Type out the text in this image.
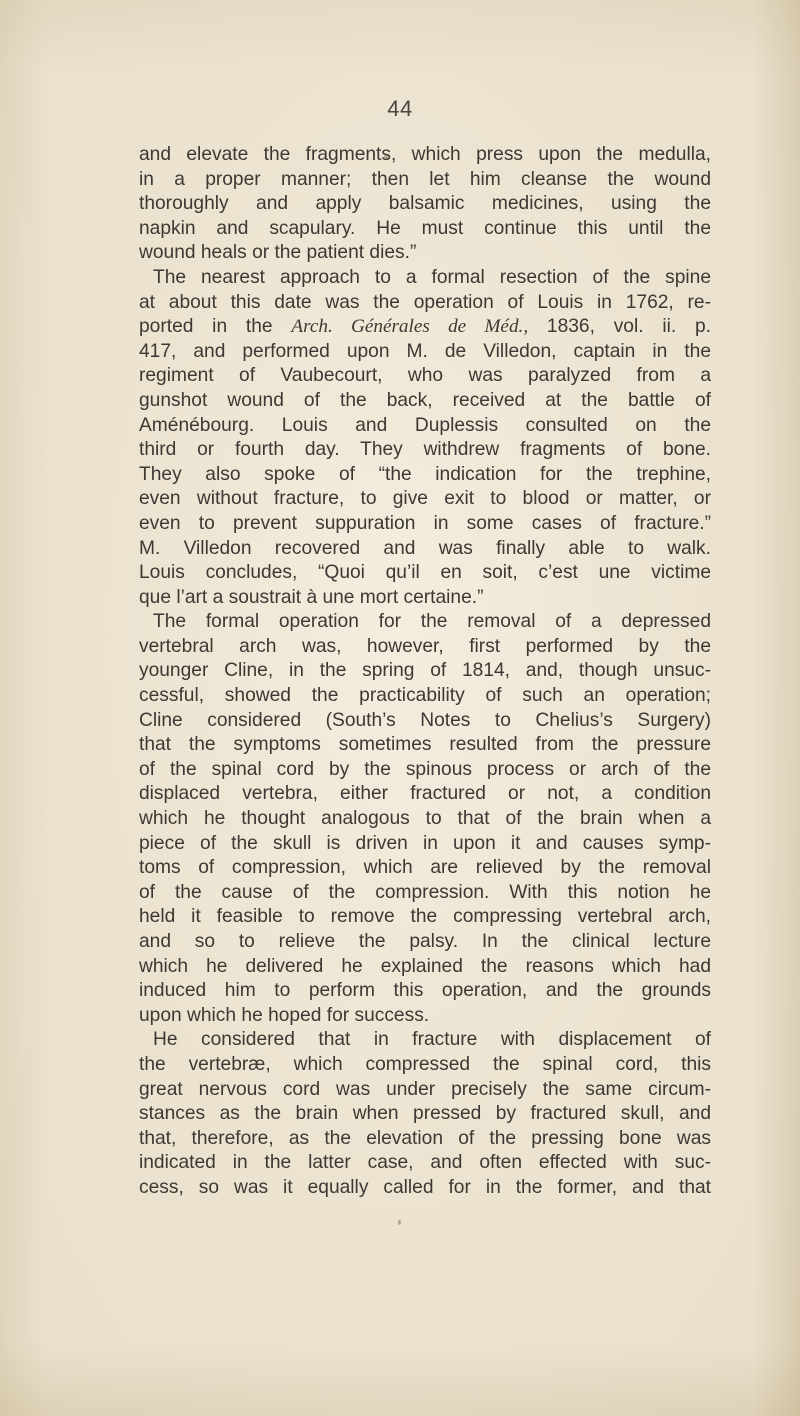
44
and elevate the fragments, which press upon the medulla,
in a proper manner; then let him cleanse the wound
thoroughly and apply balsamic medicines, using the
napkin and scapulary. He must continue this until the
wound heals or the patient dies.”
The nearest approach to a formal resection of the spine
at about this date was the operation of Louis in 1762, re-
ported in the Arch. Générales de Méd., 1836, vol. ii. p.
417, and performed upon M. de Villedon, captain in the
regiment of Vaubecourt, who was paralyzed from a
gunshot wound of the back, received at the battle of
Aménébourg. Louis and Duplessis consulted on the
third or fourth day. They withdrew fragments of bone.
They also spoke of “the indication for the trephine,
even without fracture, to give exit to blood or matter, or
even to prevent suppuration in some cases of fracture.”
M. Villedon recovered and was finally able to walk.
Louis concludes, “Quoi qu’il en soit, c’est une victime
que l’art a soustrait à une mort certaine.”
The formal operation for the removal of a depressed
vertebral arch was, however, first performed by the
younger Cline, in the spring of 1814, and, though unsuc-
cessful, showed the practicability of such an operation;
Cline considered (South’s Notes to Chelius’s Surgery)
that the symptoms sometimes resulted from the pressure
of the spinal cord by the spinous process or arch of the
displaced vertebra, either fractured or not, a condition
which he thought analogous to that of the brain when a
piece of the skull is driven in upon it and causes symp-
toms of compression, which are relieved by the removal
of the cause of the compression. With this notion he
held it feasible to remove the compressing vertebral arch,
and so to relieve the palsy. In the clinical lecture
which he delivered he explained the reasons which had
induced him to perform this operation, and the grounds
upon which he hoped for success.
He considered that in fracture with displacement of
the vertebræ, which compressed the spinal cord, this
great nervous cord was under precisely the same circum-
stances as the brain when pressed by fractured skull, and
that, therefore, as the elevation of the pressing bone was
indicated in the latter case, and often effected with suc-
cess, so was it equally called for in the former, and that
